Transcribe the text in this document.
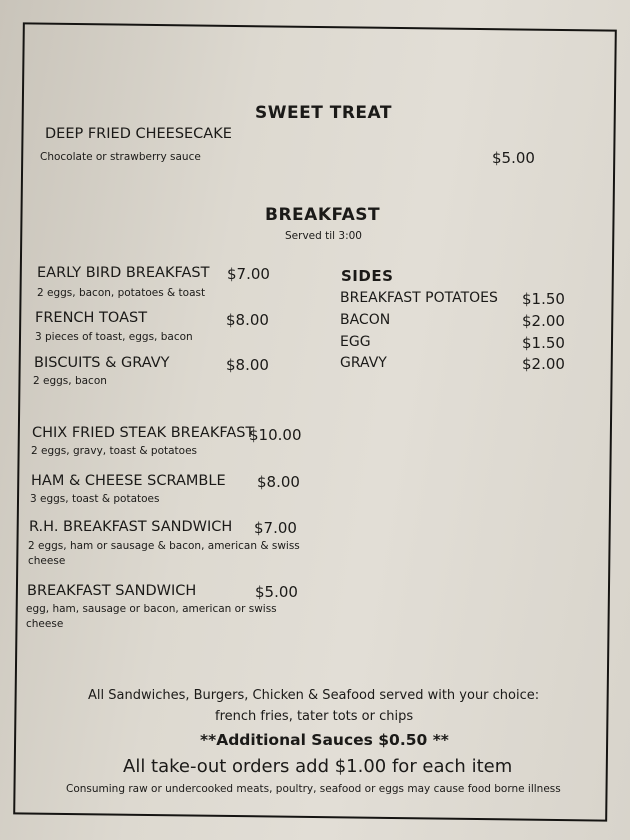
SWEET TREAT
DEEP FRIED CHEESECAKE
Chocolate or strawberry sauce	$5.00
BREAKFAST
Served til 3:00
EARLY BIRD BREAKFAST $7.00
2 eggs, bacon, potatoes & toast
FRENCH TOAST	$8.00
3 pieces of toast, eggs, bacon
BISCUITS & GRAVY	$8.00
2 eggs, bacon
CHIX FRIED STEAK BREAKFAST
$10.00
2 eggs, gravy, toast & potatoes
HAM & CHEESE SCRAMBLE $8.00
3 eggs, toast & potatoes
R.H. BREAKFAST SANDWICH $7.00
2 eggs, ham or sausage & bacon, american & swiss
cheese
BREAKFAST SANDWICH	$5.00
egg, ham, sausage or bacon, american or swiss
cheese
SIDES
BREAKFAST POTATOES $1.50
BACON	$2.00
EGG	$1.50
GRAVY	$2.00
All Sandwiches, Burgers, Chicken & Seafood served with your choice:
french fries, tater tots or chips
**Additional Sauces $0.50 **
All take-out orders add $1.00 for each item
Consuming raw or undercooked meats, poultry, seafood or eggs may cause food borne illness
